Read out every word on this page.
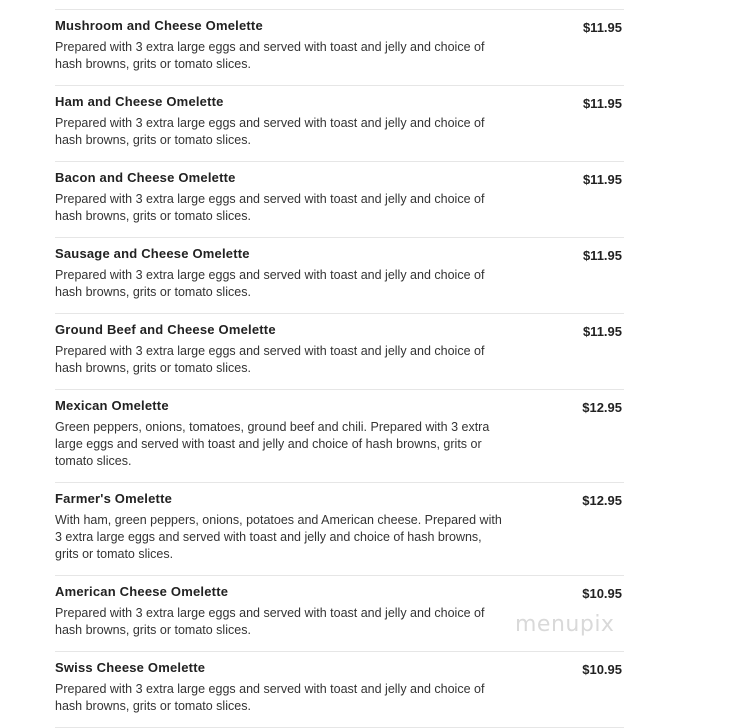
Mushroom and Cheese Omelette	$11.95
Prepared with 3 extra large eggs and served with toast and jelly and choice of hash browns, grits or tomato slices.
Ham and Cheese Omelette	$11.95
Prepared with 3 extra large eggs and served with toast and jelly and choice of hash browns, grits or tomato slices.
Bacon and Cheese Omelette	$11.95
Prepared with 3 extra large eggs and served with toast and jelly and choice of hash browns, grits or tomato slices.
Sausage and Cheese Omelette	$11.95
Prepared with 3 extra large eggs and served with toast and jelly and choice of hash browns, grits or tomato slices.
Ground Beef and Cheese Omelette	$11.95
Prepared with 3 extra large eggs and served with toast and jelly and choice of hash browns, grits or tomato slices.
Mexican Omelette	$12.95
Green peppers, onions, tomatoes, ground beef and chili. Prepared with 3 extra large eggs and served with toast and jelly and choice of hash browns, grits or tomato slices.
Farmer's Omelette	$12.95
With ham, green peppers, onions, potatoes and American cheese. Prepared with 3 extra large eggs and served with toast and jelly and choice of hash browns, grits or tomato slices.
American Cheese Omelette	$10.95
Prepared with 3 extra large eggs and served with toast and jelly and choice of hash browns, grits or tomato slices.
Swiss Cheese Omelette	$10.95
Prepared with 3 extra large eggs and served with toast and jelly and choice of hash browns, grits or tomato slices.
menupix
